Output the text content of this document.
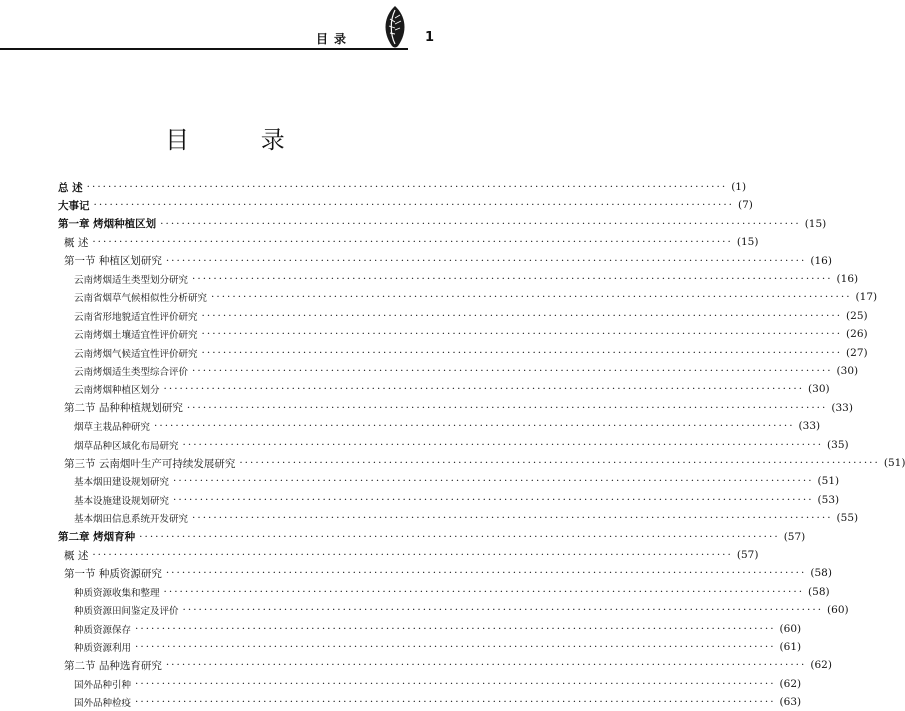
目录	1
目 录
总 述 ························································································································ (1)
大事记 ························································································································ (7)
第一章 烤烟种植区划 ························································································································ (15)
概 述 ························································································································ (15)
第一节 种植区划研究 ························································································································ (16)
云南烤烟适生类型划分研究 ························································································································ (16)
云南省烟草气候相似性分析研究 ························································································································ (17)
云南省形地貌适宜性评价研究 ························································································································ (25)
云南烤烟土壤适宜性评价研究 ························································································································ (26)
云南烤烟气候适宜性评价研究 ························································································································ (27)
云南烤烟适生类型综合评价 ························································································································ (30)
云南烤烟种植区划分 ························································································································ (30)
第二节 品种种植规划研究 ························································································································ (33)
烟草主栽品种研究 ························································································································ (33)
烟草品种区域化布局研究 ························································································································ (35)
第三节 云南烟叶生产可持续发展研究 ························································································································ (51)
基本烟田建设规划研究 ························································································································ (51)
基本设施建设规划研究 ························································································································ (53)
基本烟田信息系统开发研究 ························································································································ (55)
第二章 烤烟育种 ························································································································ (57)
概 述 ························································································································ (57)
第一节 种质资源研究 ························································································································ (58)
种质资源收集和整理 ························································································································ (58)
种质资源田间鉴定及评价 ························································································································ (60)
种质资源保存 ························································································································ (60)
种质资源利用 ························································································································ (61)
第二节 品种选育研究 ························································································································ (62)
国外品种引种 ························································································································ (62)
国外品种检疫 ························································································································ (63)
